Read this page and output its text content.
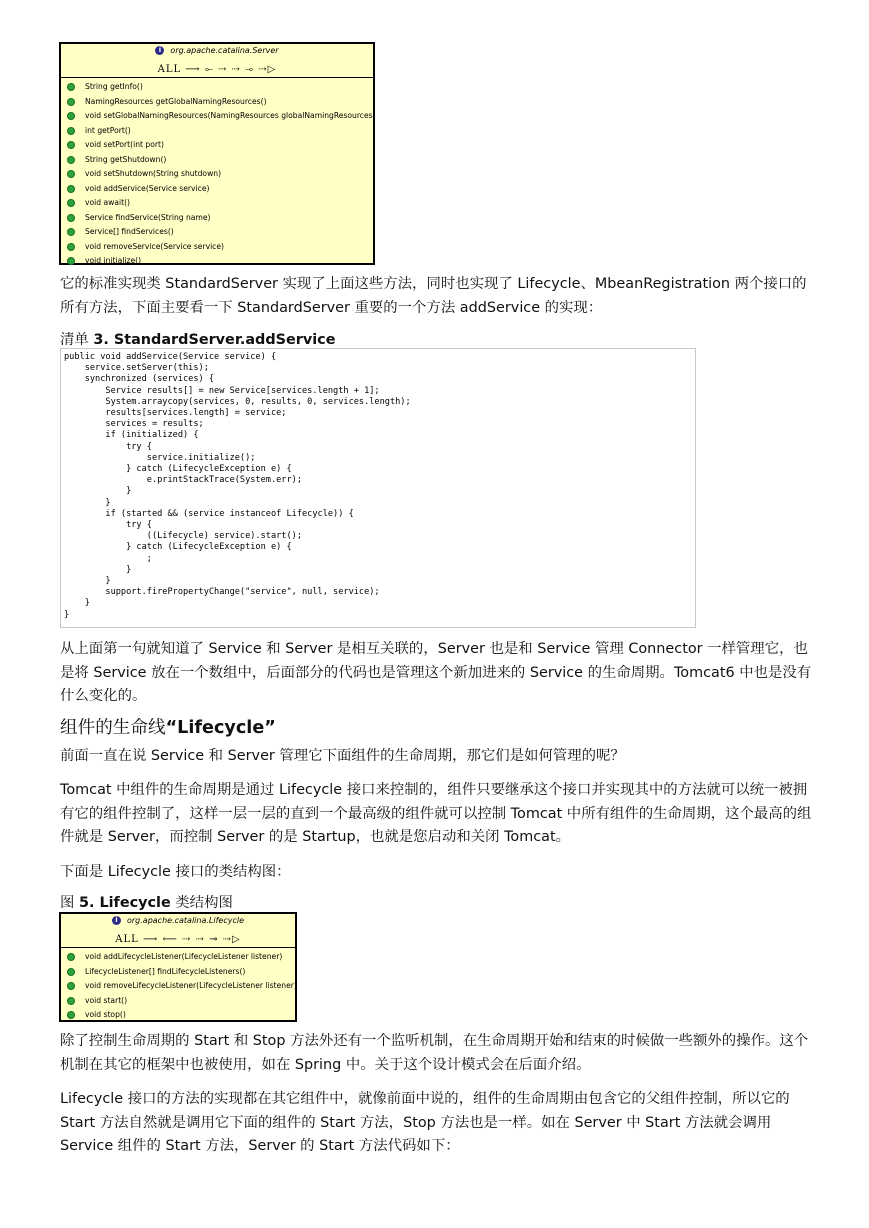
i org.apache.catalina.Server
ALL ⟶ ⟜ ⇢ ⇢ ⊸ ⇢▷
String getInfo()
NamingResources getGlobalNamingResources()
void setGlobalNamingResources(NamingResources globalNamingResources)
int getPort()
void setPort(int port)
String getShutdown()
void setShutdown(String shutdown)
void addService(Service service)
void await()
Service findService(String name)
Service[] findServices()
void removeService(Service service)
void initialize()

它的标准实现类 StandardServer 实现了上面这些方法，同时也实现了 Lifecycle、MbeanRegistration 两个接口的所有方法，下面主要看一下 StandardServer 重要的一个方法 addService 的实现：

清单 3. StandardServer.addService

public void addService(Service service) {
service.setServer(this);
synchronized (services) {
Service results[] = new Service[services.length + 1];
System.arraycopy(services, 0, results, 0, services.length);
results[services.length] = service;
services = results;
if (initialized) {
try {
service.initialize();
} catch (LifecycleException e) {
e.printStackTrace(System.err);
}
}
if (started && (service instanceof Lifecycle)) {
try {
((Lifecycle) service).start();
} catch (LifecycleException e) {
;
}
}
support.firePropertyChange("service", null, service);
}
}

从上面第一句就知道了 Service 和 Server 是相互关联的，Server 也是和 Service 管理 Connector 一样管理它，也是将 Service 放在一个数组中，后面部分的代码也是管理这个新加进来的 Service 的生命周期。Tomcat6 中也是没有什么变化的。

组件的生命线“Lifecycle”

前面一直在说 Service 和 Server 管理它下面组件的生命周期，那它们是如何管理的呢？

Tomcat 中组件的生命周期是通过 Lifecycle 接口来控制的，组件只要继承这个接口并实现其中的方法就可以统一被拥有它的组件控制了，这样一层一层的直到一个最高级的组件就可以控制 Tomcat 中所有组件的生命周期，这个最高的组件就是 Server，而控制 Server 的是 Startup，也就是您启动和关闭 Tomcat。

下面是 Lifecycle 接口的类结构图：

图 5. Lifecycle 类结构图

i org.apache.catalina.Lifecycle
ALL ⟶ ⟵ ⇢ ⇢ ⊸ ⇢▷
void addLifecycleListener(LifecycleListener listener)
LifecycleListener[] findLifecycleListeners()
void removeLifecycleListener(LifecycleListener listener)
void start()
void stop()

除了控制生命周期的 Start 和 Stop 方法外还有一个监听机制，在生命周期开始和结束的时候做一些额外的操作。这个机制在其它的框架中也被使用，如在 Spring 中。关于这个设计模式会在后面介绍。

Lifecycle 接口的方法的实现都在其它组件中，就像前面中说的，组件的生命周期由包含它的父组件控制，所以它的 Start 方法自然就是调用它下面的组件的 Start 方法，Stop 方法也是一样。如在 Server 中 Start 方法就会调用 Service 组件的 Start 方法，Server 的 Start 方法代码如下：
